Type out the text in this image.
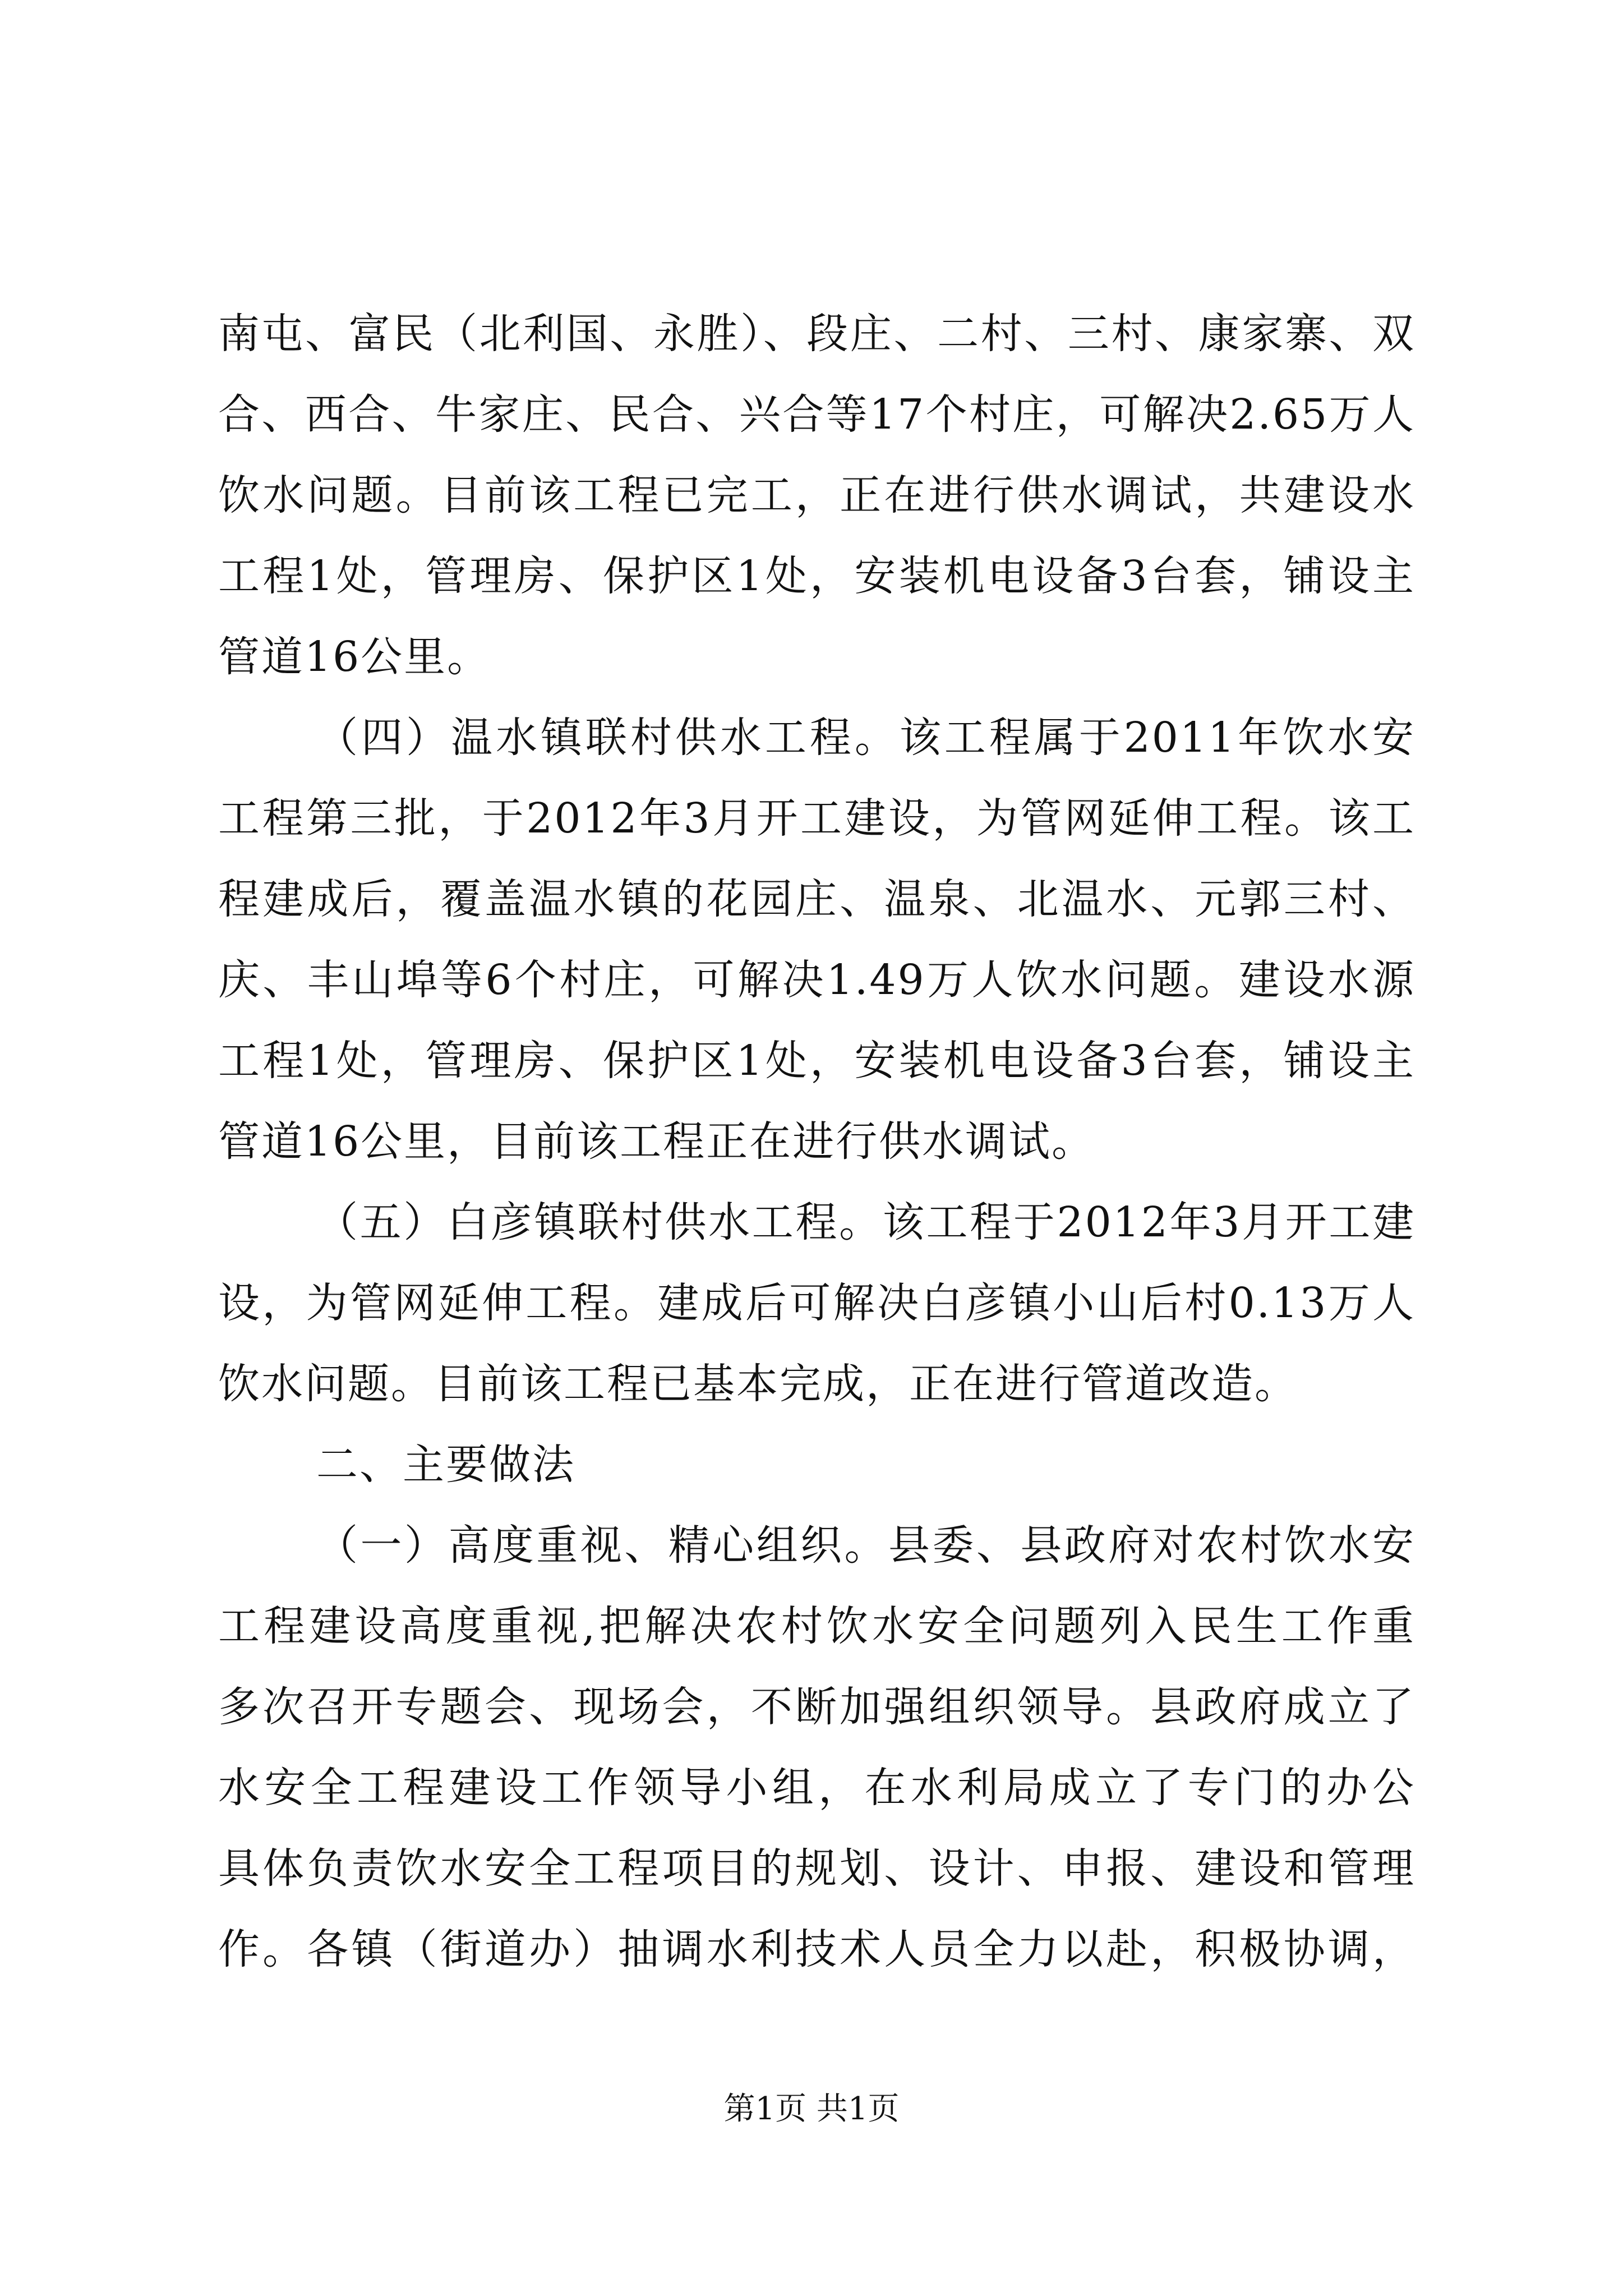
南屯、富民（北利国、永胜）、段庄、二村、三村、康家寨、双
合、西合、牛家庄、民合、兴合等17个村庄，可解决2.65万人
饮水问题。目前该工程已完工，正在进行供水调试，共建设水
工程1处，管理房、保护区1处，安装机电设备3台套，铺设主
管道16公里。
（四）温水镇联村供水工程。该工程属于2011年饮水安
工程第三批，于2012年3月开工建设，为管网延伸工程。该工
程建成后，覆盖温水镇的花园庄、温泉、北温水、元郭三村、
庆、丰山埠等6个村庄，可解决1.49万人饮水问题。建设水源
工程1处，管理房、保护区1处，安装机电设备3台套，铺设主
管道16公里，目前该工程正在进行供水调试。
（五）白彦镇联村供水工程。该工程于2012年3月开工建
设，为管网延伸工程。建成后可解决白彦镇小山后村0.13万人
饮水问题。目前该工程已基本完成，正在进行管道改造。
二、主要做法
（一）高度重视、精心组织。县委、县政府对农村饮水安
工程建设高度重视,把解决农村饮水安全问题列入民生工作重
多次召开专题会、现场会，不断加强组织领导。县政府成立了
水安全工程建设工作领导小组，在水利局成立了专门的办公
具体负责饮水安全工程项目的规划、设计、申报、建设和管理
作。各镇（街道办）抽调水利技术人员全力以赴，积极协调，
第1页 共1页
